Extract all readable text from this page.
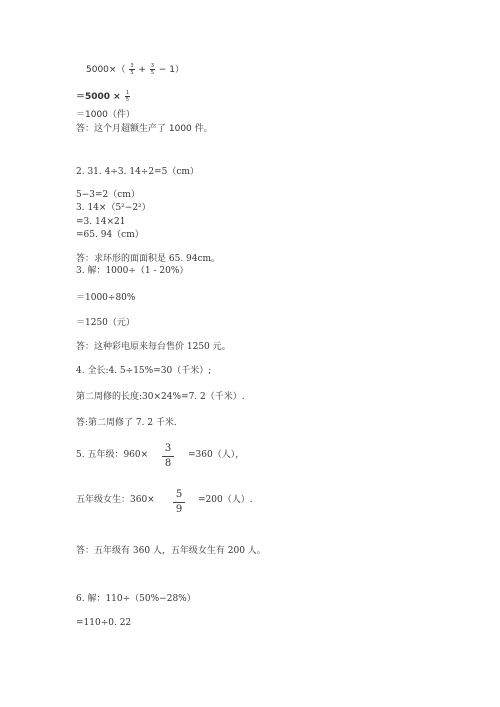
$5000\times( \frac{3}{5} + \frac{3}{5} - 1)$
$=5000 \times \frac{1}{5}$
＝1000（件）
答：这个月超额生产了 1000 件。
2. 31. 4÷3. 14÷2=5（cm）
5−3=2（cm）
3. 14×（5²−2²）
=3. 14×21
=65. 94（cm）
答：求环形的面面积是 65. 94cm。
3. 解：1000÷（1 - 20%）
＝1000÷80%
＝1250（元）
答：这种彩电原来每台售价 1250 元。
4. 全长:4. 5÷15%=30（千米）;
第二周修的长度:30×24%=7. 2（千米）.
答:第二周修了 7. 2 千米.
5. 五年级：$960\times \frac{3}{8} =360$（人），
五年级女生：$360\times \frac{5}{9} =200$（人）.
答：五年级有 360 人，五年级女生有 200 人。
6. 解：110÷（50%−28%）
=110÷0. 22
